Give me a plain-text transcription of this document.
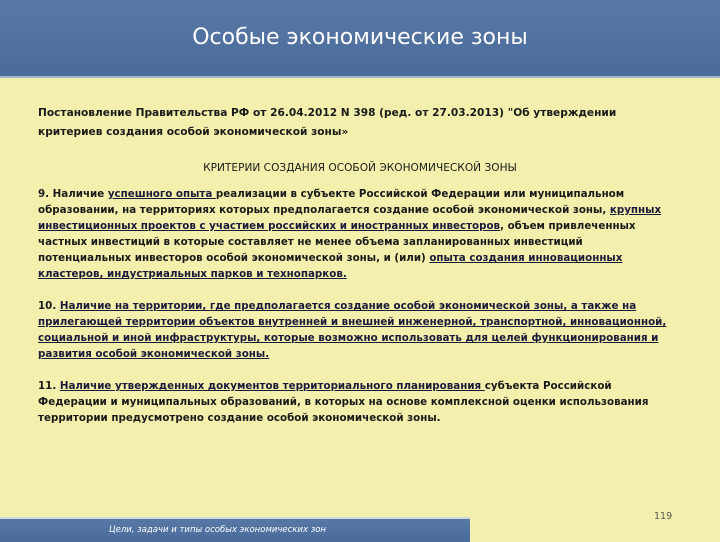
Особые экономические зоны
Постановление Правительства РФ от 26.04.2012 N 398 (ред. от 27.03.2013) "Об утверждении критериев создания особой экономической зоны»
КРИТЕРИИ СОЗДАНИЯ ОСОБОЙ ЭКОНОМИЧЕСКОЙ ЗОНЫ

9. Наличие успешного опыта реализации в субъекте Российской Федерации или муниципальном образовании, на территориях которых предполагается создание особой экономической зоны, крупных инвестиционных проектов с участием российских и иностранных инвесторов, объем привлеченных частных инвестиций в которые составляет не менее объема запланированных инвестиций потенциальных инвесторов особой экономической зоны, и (или) опыта создания инновационных кластеров, индустриальных парков и технопарков.

10. Наличие на территории, где предполагается создание особой экономической зоны, а также на прилегающей территории объектов внутренней и внешней инженерной, транспортной, инновационной, социальной и иной инфраструктуры, которые возможно использовать для целей функционирования и развития особой экономической зоны.

11. Наличие утвержденных документов территориального планирования субъекта Российской Федерации и муниципальных образований, в которых на основе комплексной оценки использования территории предусмотрено создание особой экономической зоны.

119
Цели, задачи и типы особых экономических зон
